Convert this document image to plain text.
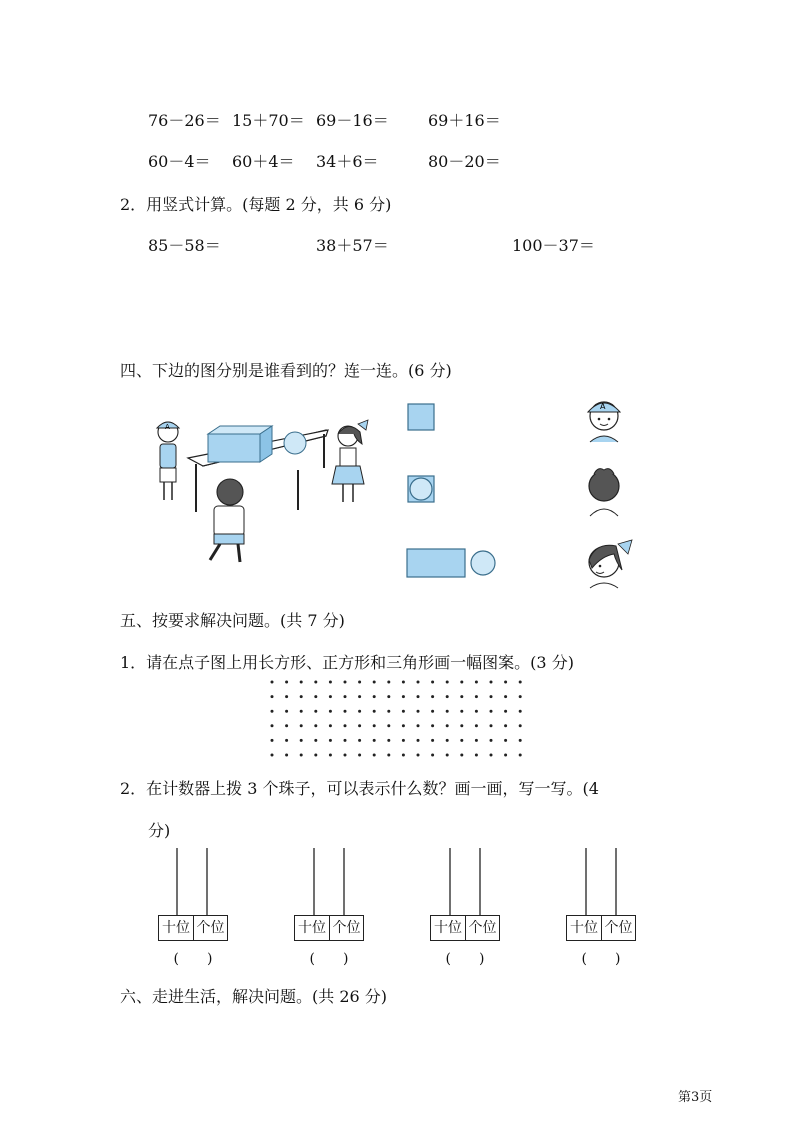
76－26＝ 15＋70＝ 69－16＝ 69＋16＝
60－4＝ 60＋4＝ 34＋6＝	80－20＝
2．用竖式计算。(每题 2 分，共 6 分)
85－58＝	38＋57＝	100－37＝
四、下边的图分别是谁看到的？连一连。(6 分)
A
A
五、按要求解决问题。(共 7 分)
1．请在点子图上用长方形、正方形和三角形画一幅图案。(3 分)
2．在计数器上拨 3 个珠子，可以表示什么数？画一画，写一写。(4
分)
十位 个位	十位 个位	十位 个位	十位 个位
(　　)	(　　)	(　　)	(　　)
六、走进生活，解决问题。(共 26 分)
第3页
